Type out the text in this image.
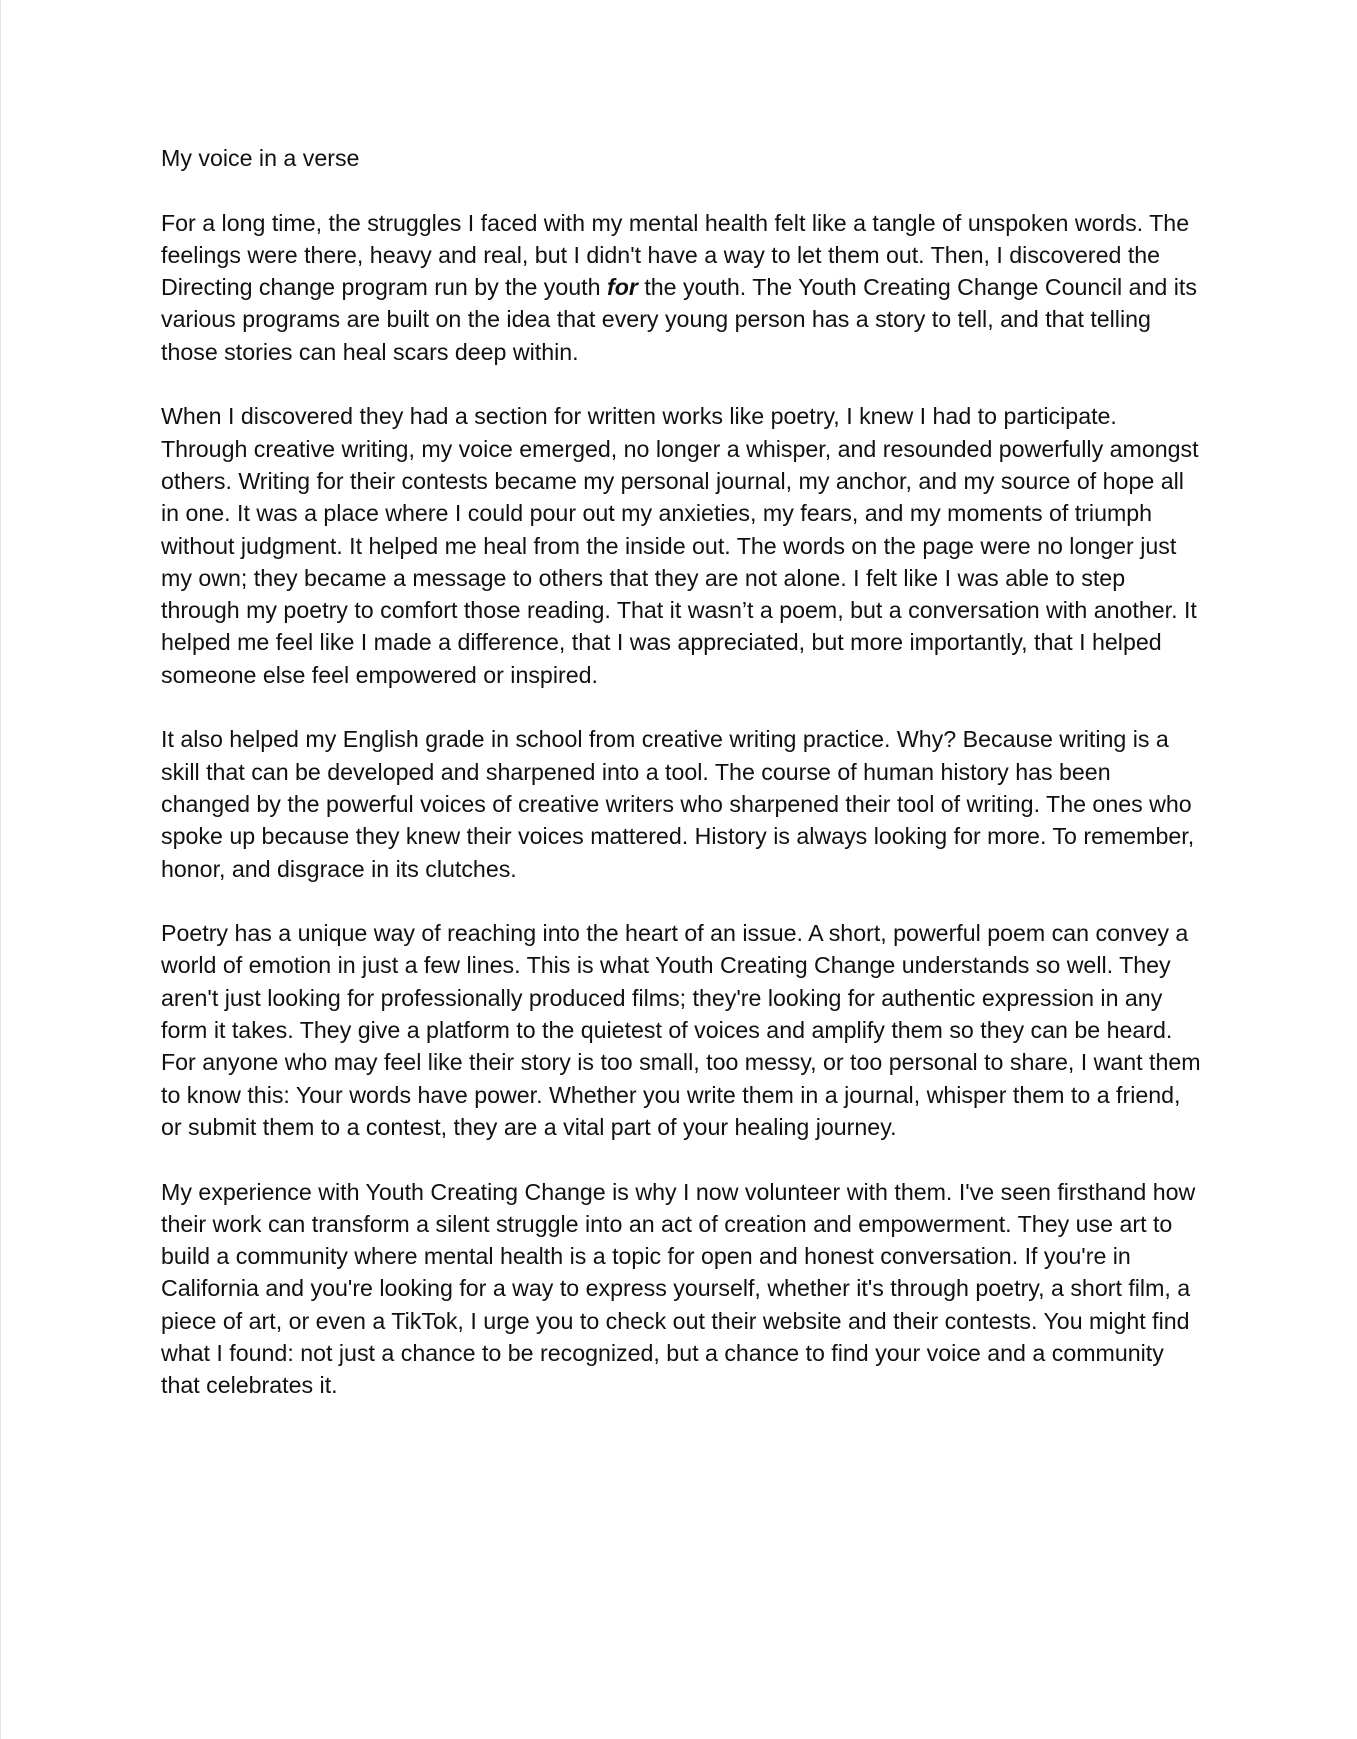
My voice in a verse

For a long time, the struggles I faced with my mental health felt like a tangle of unspoken words. The feelings were there, heavy and real, but I didn't have a way to let them out. Then, I discovered the Directing change program run by the youth for the youth. The Youth Creating Change Council and its various programs are built on the idea that every young person has a story to tell, and that telling those stories can heal scars deep within.

When I discovered they had a section for written works like poetry, I knew I had to participate. Through creative writing, my voice emerged, no longer a whisper, and resounded powerfully amongst others. Writing for their contests became my personal journal, my anchor, and my source of hope all in one. It was a place where I could pour out my anxieties, my fears, and my moments of triumph without judgment. It helped me heal from the inside out. The words on the page were no longer just my own; they became a message to others that they are not alone. I felt like I was able to step through my poetry to comfort those reading. That it wasn’t a poem, but a conversation with another. It helped me feel like I made a difference, that I was appreciated, but more importantly, that I helped someone else feel empowered or inspired.

It also helped my English grade in school from creative writing practice. Why? Because writing is a skill that can be developed and sharpened into a tool. The course of human history has been changed by the powerful voices of creative writers who sharpened their tool of writing. The ones who spoke up because they knew their voices mattered. History is always looking for more. To remember, honor, and disgrace in its clutches.

Poetry has a unique way of reaching into the heart of an issue. A short, powerful poem can convey a world of emotion in just a few lines. This is what Youth Creating Change understands so well. They aren't just looking for professionally produced films; they're looking for authentic expression in any form it takes. They give a platform to the quietest of voices and amplify them so they can be heard. For anyone who may feel like their story is too small, too messy, or too personal to share, I want them to know this: Your words have power. Whether you write them in a journal, whisper them to a friend, or submit them to a contest, they are a vital part of your healing journey.

My experience with Youth Creating Change is why I now volunteer with them. I've seen firsthand how their work can transform a silent struggle into an act of creation and empowerment. They use art to build a community where mental health is a topic for open and honest conversation. If you're in California and you're looking for a way to express yourself, whether it's through poetry, a short film, a piece of art, or even a TikTok, I urge you to check out their website and their contests. You might find what I found: not just a chance to be recognized, but a chance to find your voice and a community that celebrates it.
